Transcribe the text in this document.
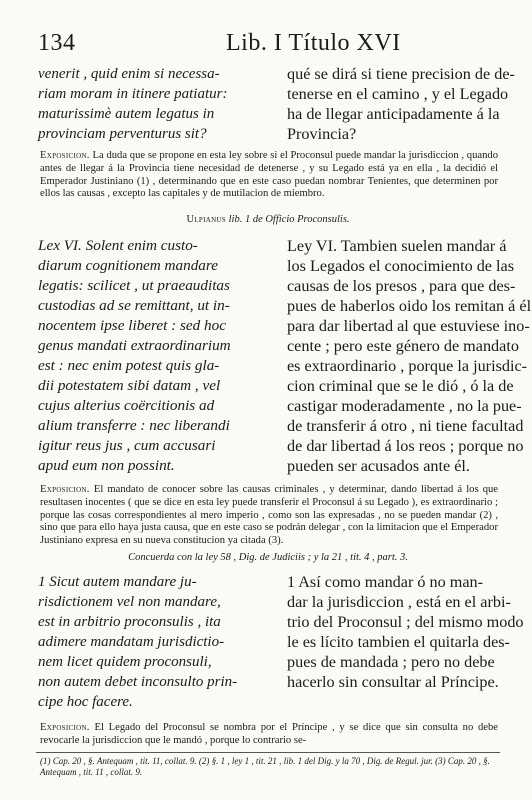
134	Lib. I Título XVI
venerit , quid enim si necessa-
riam moram in itinere patiatur:
maturissimè autem legatus in
provinciam perventurus sit?
qué se dirá si tiene precision de de-
tenerse en el camino , y el Legado
ha de llegar anticipadamente á la
Provincia?

Exposicion. La duda que se propone en esta ley sobre si el Proconsul puede mandar la jurisdiccion , quando antes de llegar á la Provincia tiene necesidad de detenerse , y su Legado está ya en ella , la decidió el Emperador Justiniano (1) , determinando que en este caso puedan nombrar Tenientes, que determinen por ellos las causas , excepto las capitales y de mutilacion de miembro.

Ulpianus lib. 1 de Officio Proconsulis.
Lex VI. Solent enim custo-
diarum cognitionem mandare
legatis: scilicet , ut praeauditas
custodias ad se remittant, ut in-
nocentem ipse liberet : sed hoc
genus mandati extraordinarium
est : nec enim potest quis gla-
dii potestatem sibi datam , vel
cujus alterius coërcitionis ad
alium transferre : nec liberandi
igitur reus jus , cum accusari
apud eum non possint.
Ley VI. Tambien suelen mandar á
los Legados el conocimiento de las
causas de los presos , para que des-
pues de haberlos oido los remitan á él
para dar libertad al que estuviese ino-
cente ; pero este género de mandato
es extraordinario , porque la jurisdic-
cion criminal que se le dió , ó la de
castigar moderadamente , no la pue-
de transferir á otro , ni tiene facultad
de dar libertad á los reos ; porque no
pueden ser acusados ante él.

Exposicion. El mandato de conocer sobre las causas criminales , y determinar, dando libertad á los que resultasen inocentes ( que se dice en esta ley puede transferir el Proconsul á su Legado ), es extraordinario ; porque las cosas correspondientes al mero imperio , como son las expresadas , no se pueden mandar (2) , sino que para ello haya justa causa, que en este caso se podrán delegar , con la limitacion que el Emperador Justiniano expresa en su nueva constitucion ya citada (3).

Concuerda con la ley 58 , Dig. de Judiciis ; y la 21 , tit. 4 , part. 3.
1 Sicut autem mandare ju-
risdictionem vel non mandare,
est in arbitrio proconsulis , ita
adimere mandatam jurisdictio-
nem licet quidem proconsuli,
non autem debet inconsulto prin-
cipe hoc facere.
1 Así como mandar ó no man-
dar la jurisdiccion , está en el arbi-
trio del Proconsul ; del mismo modo
le es lícito tambien el quitarla des-
pues de mandada ; pero no debe
hacerlo sin consultar al Príncipe.

Exposicion. El Legado del Proconsul se nombra por el Príncipe , y se dice que sin consulta no debe revocarle la jurisdiccion que le mandó , porque lo contrario se-

(1) Cap. 20 , §. Antequam , tit. 11, collat. 9. (2) §. 1 , ley 1 , tit. 21 , lib. 1 del Dig. y la 70 , Dig. de Regul. jur. (3) Cap. 20 , §. Antequam , tit. 11 , collat. 9.
